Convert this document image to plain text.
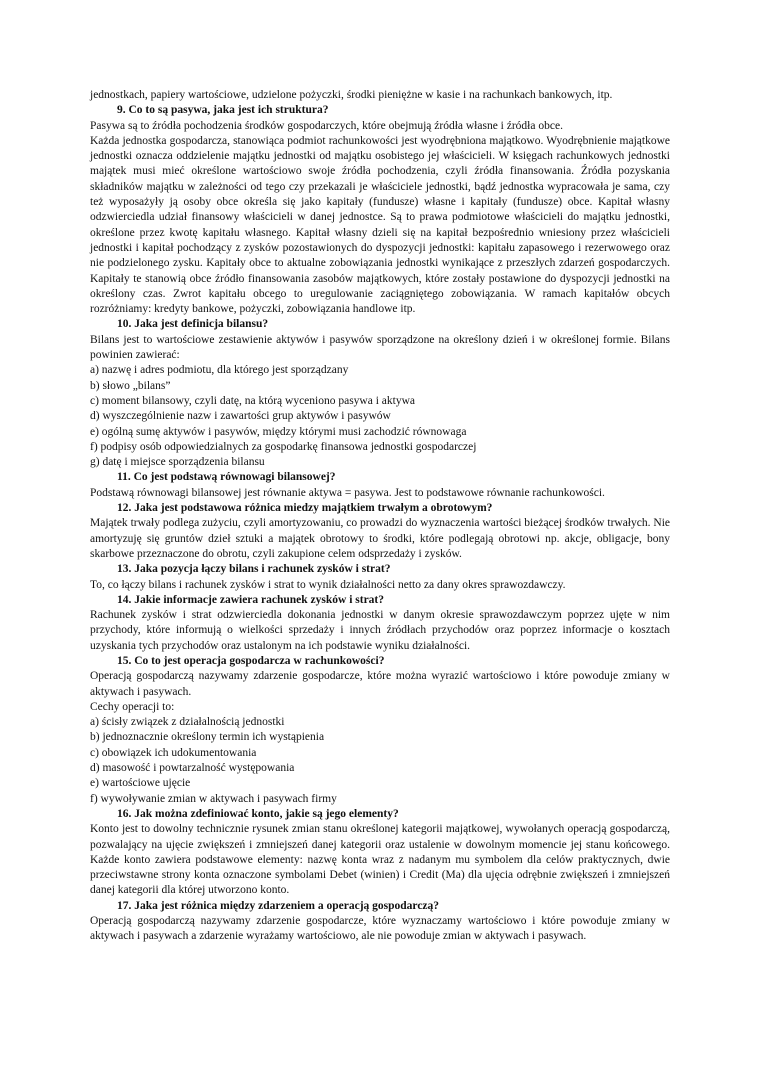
jednostkach, papiery wartościowe, udzielone pożyczki, środki pieniężne w kasie i na rachunkach bankowych, itp.

9. Co to są pasywa, jaka jest ich struktura?

Pasywa są to źródła pochodzenia środków gospodarczych, które obejmują źródła własne i źródła obce.

Każda jednostka gospodarcza, stanowiąca podmiot rachunkowości jest wyodrębniona majątkowo. Wyodrębnienie majątkowe jednostki oznacza oddzielenie majątku jednostki od majątku osobistego jej właścicieli. W księgach rachunkowych jednostki majątek musi mieć określone wartościowo swoje źródła pochodzenia, czyli źródła finansowania. Źródła pozyskania składników majątku w zależności od tego czy przekazali je właściciele jednostki, bądź jednostka wypracowała je sama, czy też wyposażyły ją osoby obce określa się jako kapitały (fundusze) własne i kapitały (fundusze) obce. Kapitał własny odzwierciedla udział finansowy właścicieli w danej jednostce. Są to prawa podmiotowe właścicieli do majątku jednostki, określone przez kwotę kapitału własnego. Kapitał własny dzieli się na kapitał bezpośrednio wniesiony przez właścicieli jednostki i kapitał pochodzący z zysków pozostawionych do dyspozycji jednostki: kapitału zapasowego i rezerwowego oraz nie podzielonego zysku. Kapitały obce to aktualne zobowiązania jednostki wynikające z przeszłych zdarzeń gospodarczych. Kapitały te stanowią obce źródło finansowania zasobów majątkowych, które zostały postawione do dyspozycji jednostki na określony czas. Zwrot kapitału obcego to uregulowanie zaciągniętego zobowiązania. W ramach kapitałów obcych rozróżniamy: kredyty bankowe, pożyczki, zobowiązania handlowe itp.

10. Jaka jest definicja bilansu?

Bilans jest to wartościowe zestawienie aktywów i pasywów sporządzone na określony dzień i w określonej formie. Bilans powinien zawierać:

a) nazwę i adres podmiotu, dla którego jest sporządzany

b) słowo „bilans”

c) moment bilansowy, czyli datę, na którą wyceniono pasywa i aktywa

d) wyszczególnienie nazw i zawartości grup aktywów i pasywów

e) ogólną sumę aktywów i pasywów, między którymi musi zachodzić równowaga

f) podpisy osób odpowiedzialnych za gospodarkę finansowa jednostki gospodarczej

g) datę i miejsce sporządzenia bilansu

11. Co jest podstawą równowagi bilansowej?

Podstawą równowagi bilansowej jest równanie aktywa = pasywa. Jest to podstawowe równanie rachunkowości.

12. Jaka jest podstawowa różnica miedzy majątkiem trwałym a obrotowym?

Majątek trwały podlega zużyciu, czyli amortyzowaniu, co prowadzi do wyznaczenia wartości bieżącej środków trwałych. Nie amortyzuję się gruntów dzieł sztuki a majątek obrotowy to środki, które podlegają obrotowi np. akcje, obligacje, bony skarbowe przeznaczone do obrotu, czyli zakupione celem odsprzedaży i zysków.

13. Jaka pozycja łączy bilans i rachunek zysków i strat?

To, co łączy bilans i rachunek zysków i strat to wynik działalności netto za dany okres sprawozdawczy.

14. Jakie informacje zawiera rachunek zysków i strat?

Rachunek zysków i strat odzwierciedla dokonania jednostki w danym okresie sprawozdawczym poprzez ujęte w nim przychody, które informują o wielkości sprzedaży i innych źródłach przychodów oraz poprzez informacje o kosztach uzyskania tych przychodów oraz ustalonym na ich podstawie wyniku działalności.

15. Co to jest operacja gospodarcza w rachunkowości?

Operacją gospodarczą nazywamy zdarzenie gospodarcze, które można wyrazić wartościowo i które powoduje zmiany w aktywach i pasywach.

Cechy operacji to:

a) ścisły związek z działalnością jednostki

b) jednoznacznie określony termin ich wystąpienia

c) obowiązek ich udokumentowania

d) masowość i powtarzalność występowania

e) wartościowe ujęcie

f) wywoływanie zmian w aktywach i pasywach firmy

16. Jak można zdefiniować konto, jakie są jego elementy?

Konto jest to dowolny technicznie rysunek zmian stanu określonej kategorii majątkowej, wywołanych operacją gospodarczą, pozwalający na ujęcie zwiększeń i zmniejszeń danej kategorii oraz ustalenie w dowolnym momencie jej stanu końcowego. Każde konto zawiera podstawowe elementy: nazwę konta wraz z nadanym mu symbolem dla celów praktycznych, dwie przeciwstawne strony konta oznaczone symbolami Debet (winien) i Credit (Ma) dla ujęcia odrębnie zwiększeń i zmniejszeń danej kategorii dla której utworzono konto.

17. Jaka jest różnica między zdarzeniem a operacją gospodarczą?

Operacją gospodarczą nazywamy zdarzenie gospodarcze, które wyznaczamy wartościowo i które powoduje zmiany w aktywach i pasywach a zdarzenie wyrażamy wartościowo, ale nie powoduje zmian w aktywach i pasywach.
